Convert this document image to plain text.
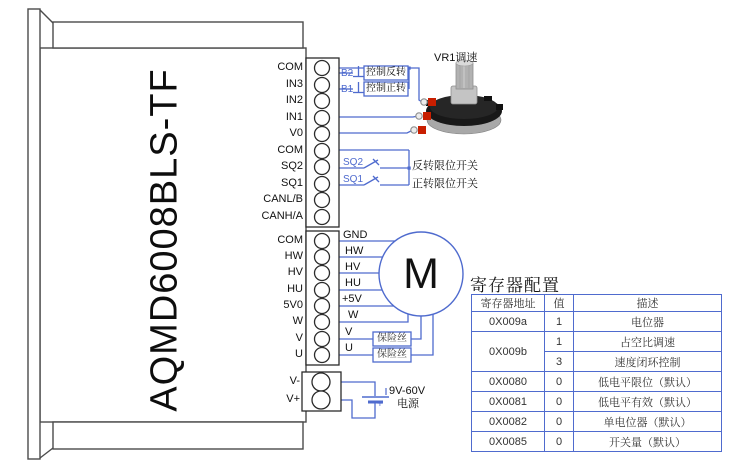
AQMD6008BLS-TF
COM
IN3
IN2
IN1
V0
COM
SQ2
SQ1
CANL/B
CANH/A
COM
HW
HV
HU
5V0
W
V
U
V-
V+
B2 控制反转
B1 控制正转
VR1调速
SQ2	反转限位开关
SQ1	正转限位开关
GND
HW
HV
HU
+5V
W
V
U
保险丝
保险丝
M
9V-60V
电源
+
寄存器配置
寄存器地址	值	描述
0X009a	1	电位器
0X009b	1	占空比调速
	3	速度闭环控制
0X0080	0	低电平限位（默认）
0X0081	0	低电平有效（默认）
0X0082	0	单电位器（默认）
0X0085	0	开关量（默认）
